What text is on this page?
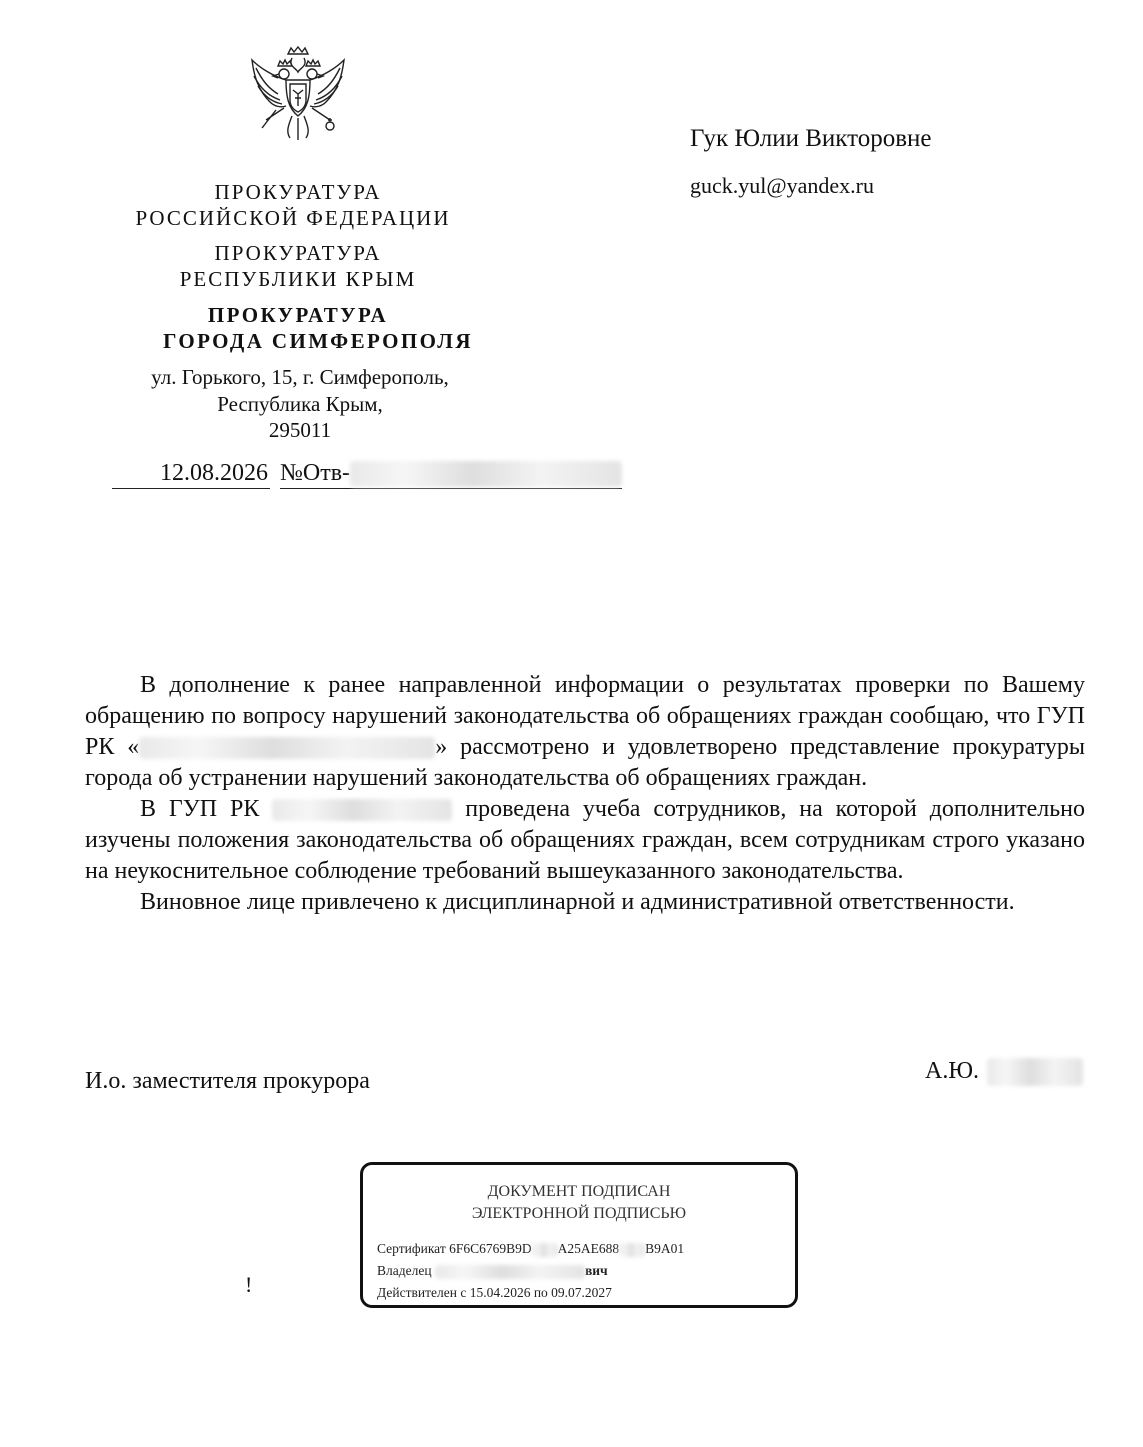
ПРОКУРАТУРА
РОССИЙСКОЙ ФЕДЕРАЦИИ
ПРОКУРАТУРА
РЕСПУБЛИКИ КРЫМ
ПРОКУРАТУРА
ГОРОДА СИМФЕРОПОЛЯ
ул. Горького, 15, г. Симферополь,
Республика Крым,
295011
12.08.2026 №Отв-
Гук Юлии Викторовне
guck.yul@yandex.ru

В дополнение к ранее направленной информации о результатах проверки по Вашему обращению по вопросу нарушений законодательства об обращениях граждан сообщаю, что ГУП РК «	» рассмотрено и удовлетворено представление прокуратуры города об устранении нарушений законодательства об обращениях граждан.

В ГУП РК	проведена учеба сотрудников, на которой дополнительно изучены положения законодательства об обращениях граждан, всем сотрудникам строго указано на неукоснительное соблюдение требований вышеуказанного законодательства.

Виновное лице привлечено к дисциплинарной и административной ответственности.

И.о. заместителя прокурора	А.Ю.
ДОКУМЕНТ ПОДПИСАН
ЭЛЕКТРОННОЙ ПОДПИСЬЮ
Сертификат 6F6C6769B9D A25AE688 B9A01
Владелец	вич
Действителен с 15.04.2026 по 09.07.2027
!
